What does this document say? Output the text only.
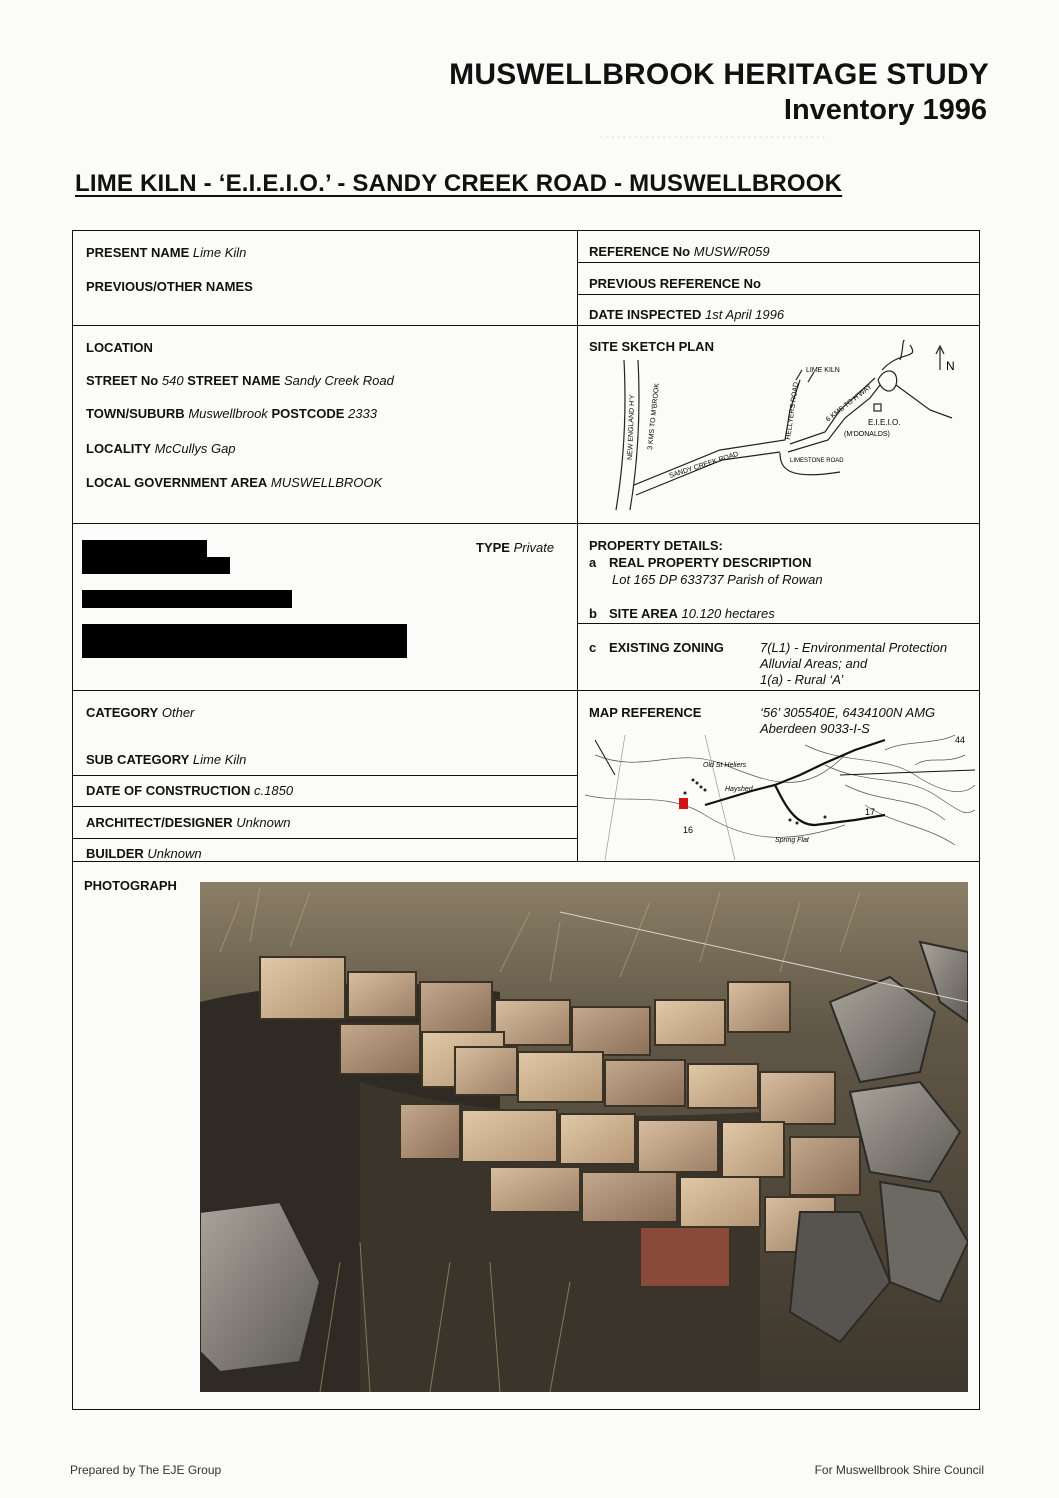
▪ ▪ ▪ ▪ ▪ ▪ ▪ ▪ ▪ ▪ ▪ ▪ ▪ ▪ ▪ ▪ ▪ ▪ ▪ ▪ ▪ ▪ ▪ ▪ ▪ ▪ ▪ ▪ ▪ ▪ ▪ ▪ ▪ ▪ ▪ ▪ ▪ ▪ ▪ ▪
MUSWELLBROOK HERITAGE STUDY
Inventory 1996
LIME KILN - ‘E.I.E.I.O.’ - SANDY CREEK ROAD - MUSWELLBROOK
PRESENT NAME Lime Kiln
PREVIOUS/OTHER NAMES
LOCATION
STREET No 540 STREET NAME Sandy Creek Road
TOWN/SUBURB Muswellbrook POSTCODE 2333
LOCALITY McCullys Gap
LOCAL GOVERNMENT AREA MUSWELLBROOK
TYPE Private
CATEGORY Other
SUB CATEGORY Lime Kiln
DATE OF CONSTRUCTION c.1850
ARCHITECT/DESIGNER Unknown
BUILDER Unknown
PHOTOGRAPH
REFERENCE No MUSW/R059
PREVIOUS REFERENCE No
DATE INSPECTED 1st April 1996
SITE SKETCH PLAN
N
LIME KILN
E.I.E.I.O.
(M‘DONALDS)
NEW ENGLAND H‘Y 3 KMS TO M‘BROOK
SANDY CREEK ROAD
HELLYERS ROAD	6 KMS TO H‘WAY
LIMESTONE ROAD
PROPERTY DETAILS:
a REAL PROPERTY DESCRIPTION
Lot 165 DP 633737 Parish of Rowan
b SITE AREA 10.120 hectares
c EXISTING ZONING	7(L1) - Environmental Protection
Alluvial Areas; and
1(a) - Rural ‘A’
MAP REFERENCE	‘56’ 305540E, 6434100N AMG
Aberdeen 9033-I-S
Old St Heliers
Hayshed
Spring Flat
16
17
44
Prepared by The EJE Group	For Muswellbrook Shire Council
